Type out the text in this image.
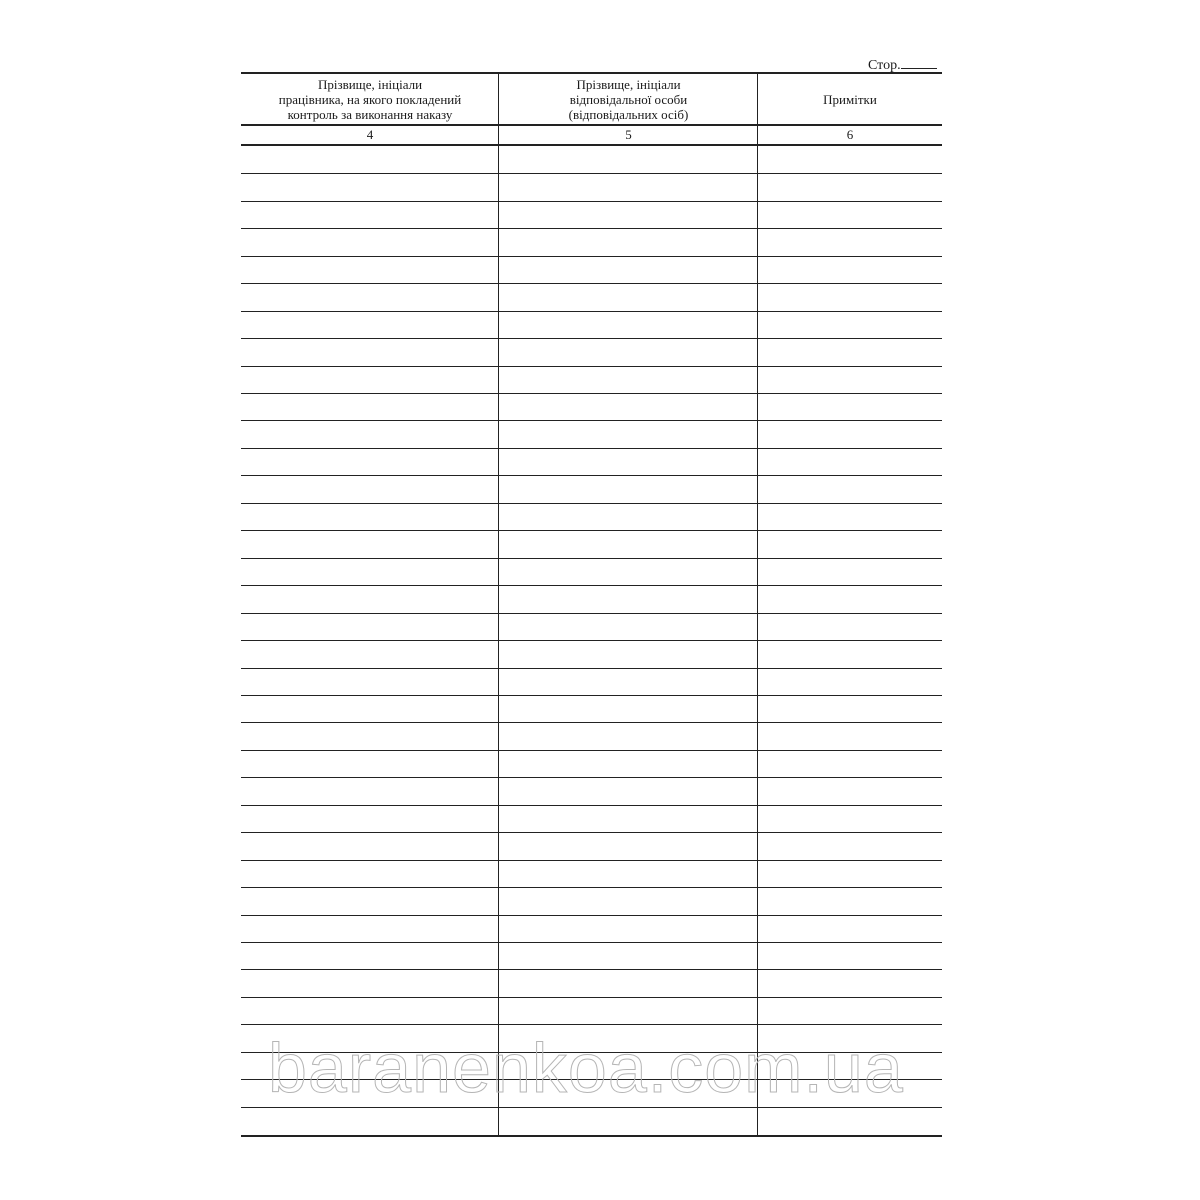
Стор.
Прізвище, ініціали
працівника, на якого покладений
контроль за виконання наказу
Прізвище, ініціали
відповідальної особи
(відповідальних осіб)
Примітки
4	5	6
baranenkoa.com.ua
